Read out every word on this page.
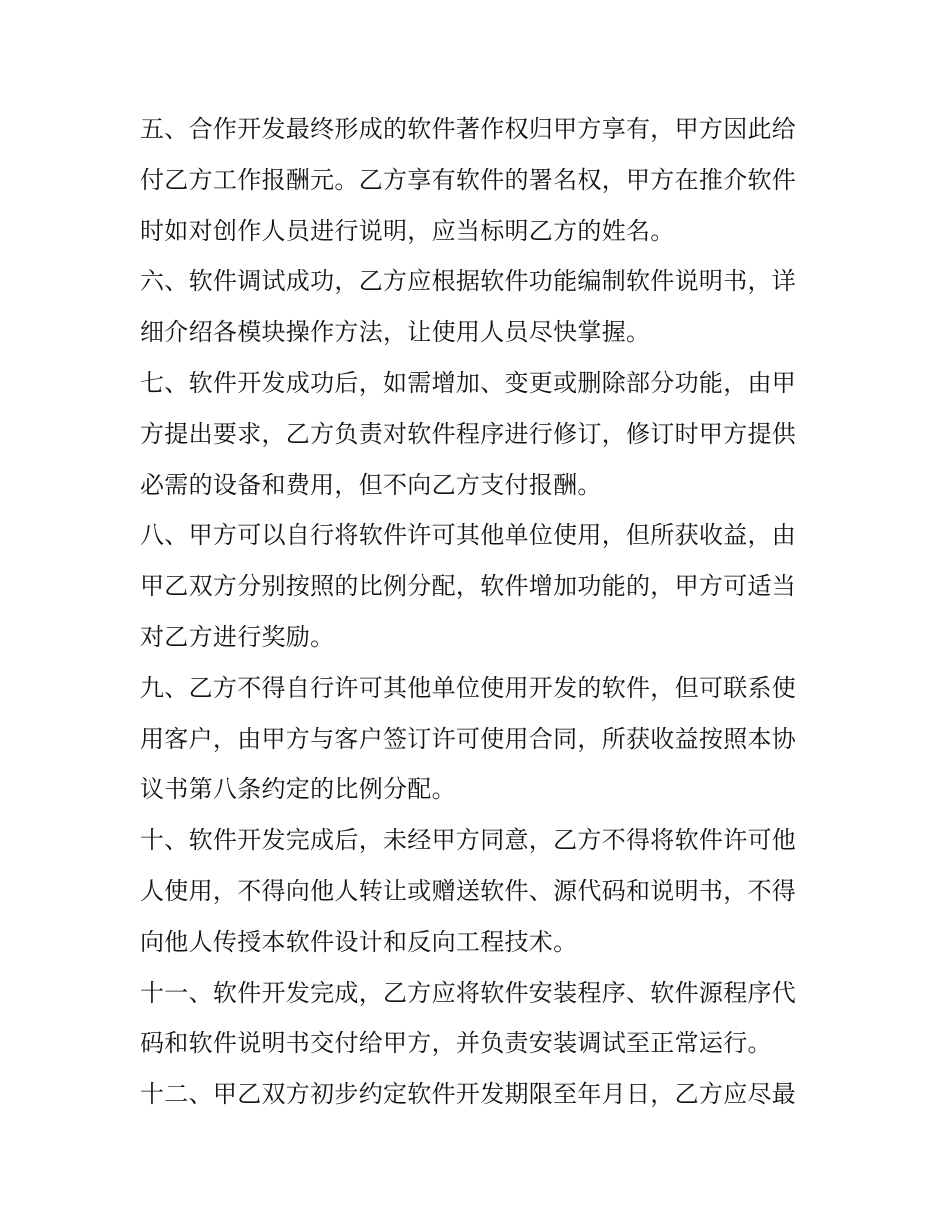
五、合作开发最终形成的软件著作权归甲方享有，甲方因此给
付乙方工作报酬元。乙方享有软件的署名权，甲方在推介软件
时如对创作人员进行说明，应当标明乙方的姓名。

六、软件调试成功，乙方应根据软件功能编制软件说明书，详
细介绍各模块操作方法，让使用人员尽快掌握。

七、软件开发成功后，如需增加、变更或删除部分功能，由甲
方提出要求，乙方负责对软件程序进行修订，修订时甲方提供
必需的设备和费用，但不向乙方支付报酬。

八、甲方可以自行将软件许可其他单位使用，但所获收益，由
甲乙双方分别按照的比例分配，软件增加功能的，甲方可适当
对乙方进行奖励。

九、乙方不得自行许可其他单位使用开发的软件，但可联系使
用客户，由甲方与客户签订许可使用合同，所获收益按照本协
议书第八条约定的比例分配。

十、软件开发完成后，未经甲方同意，乙方不得将软件许可他
人使用，不得向他人转让或赠送软件、源代码和说明书，不得
向他人传授本软件设计和反向工程技术。

十一、软件开发完成，乙方应将软件安装程序、软件源程序代
码和软件说明书交付给甲方，并负责安装调试至正常运行。

十二、甲乙双方初步约定软件开发期限至年月日，乙方应尽最
